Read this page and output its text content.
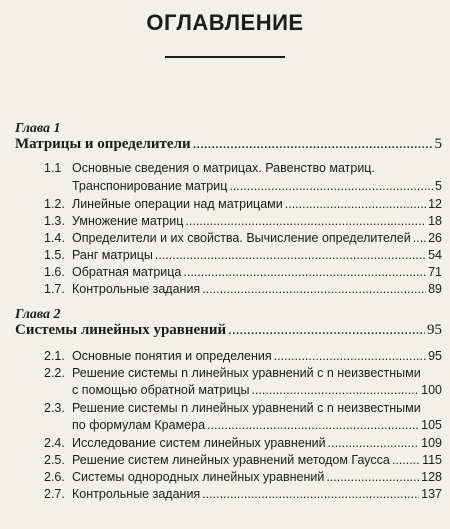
ОГЛАВЛЕНИЕ
Глава 1
Матрицы и определители .....	5
1.1 Основные сведения о матрицах. Равенство матриц.
Транспонирование матриц .....	5
1.2. Линейные операции над матрицами .....	12
1.3. Умножение матриц .....	18
1.4. Определители и их свойства. Вычисление определителей ..... 26
1.5. Ранг матрицы .....	54
1.6. Обратная матрица .....	71
1.7. Контрольные задания .....	89
Глава 2
Системы линейных уравнений .....	95
2.1. Основные понятия и определения .....	95
2.2. Решение системы n линейных уравнений с n неизвестными
с помощью обратной матрицы .....	100
2.3. Решение системы n линейных уравнений с n неизвестными
по формулам Крамера .....	105
2.4. Исследование систем линейных уравнений .....	109
2.5. Решение систем линейных уравнений методом Гаусса .....	115
2.6. Системы однородных линейных уравнений .....	128
2.7. Контрольные задания .....	137
